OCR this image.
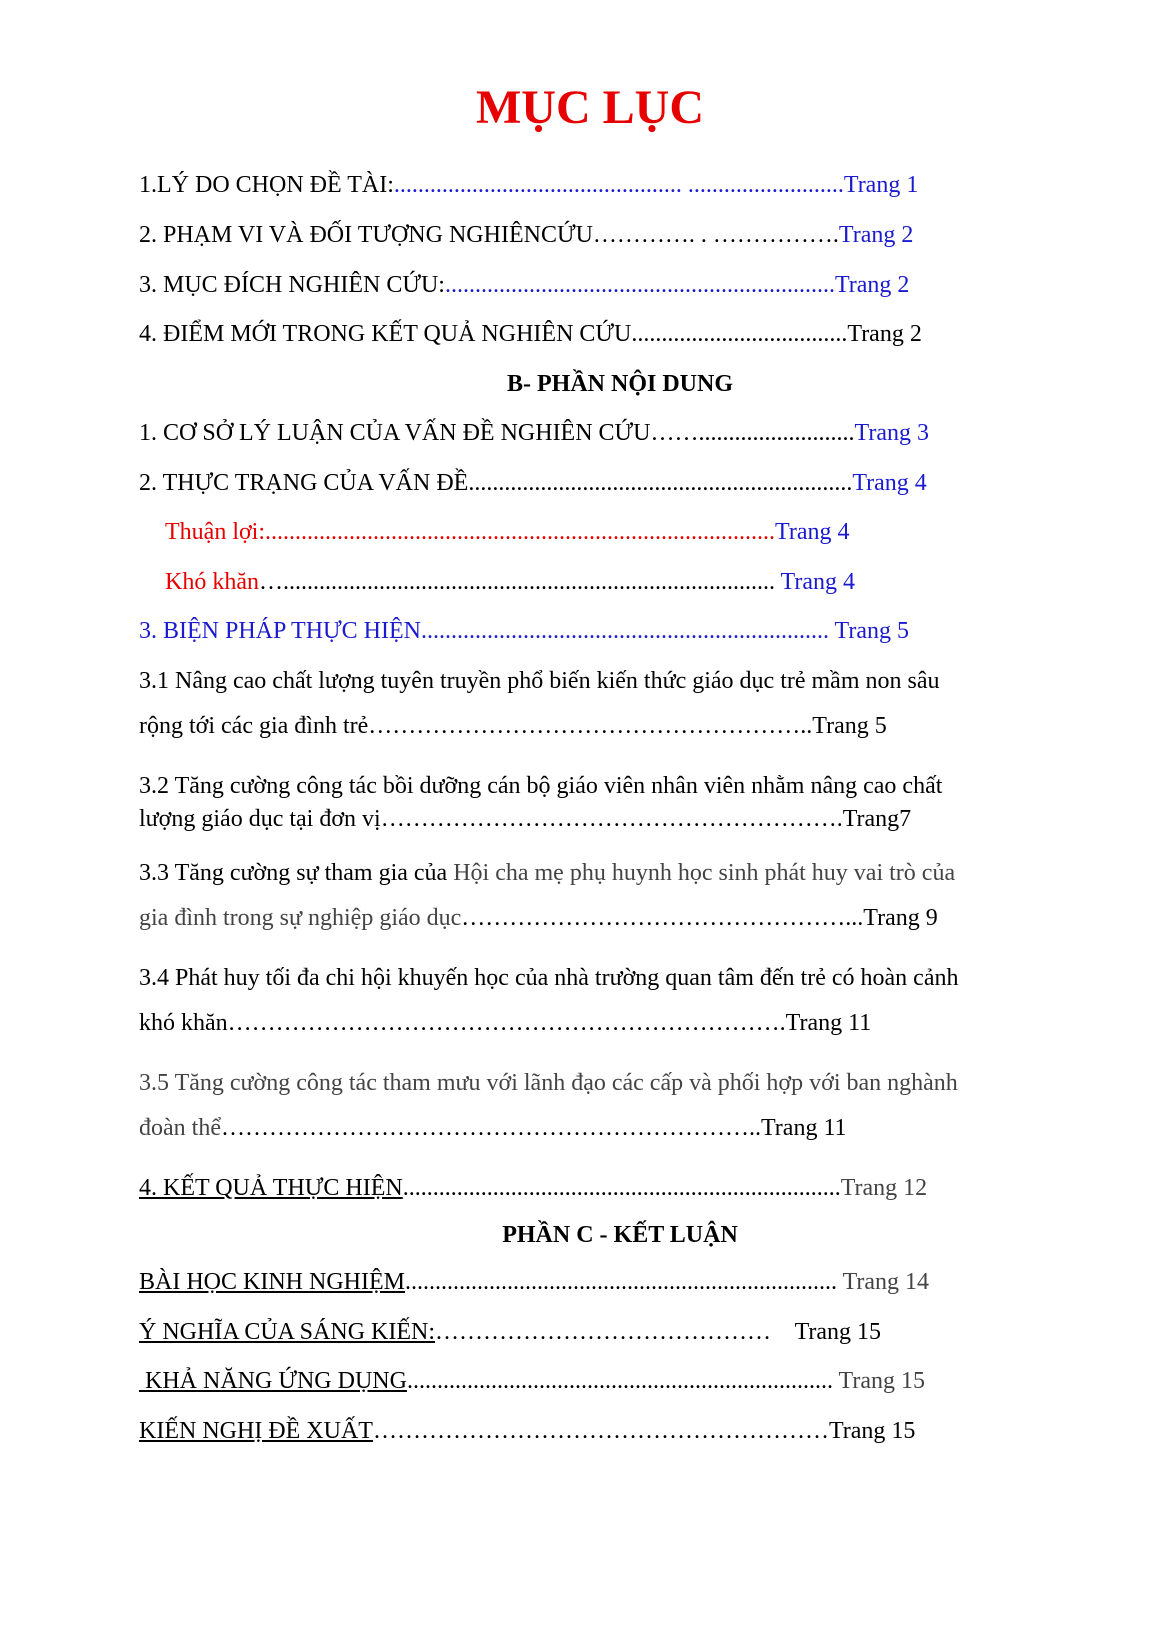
MỤC LỤC
1.LÝ DO CHỌN ĐỀ TÀI:................................................ ..........................Trang 1
2. PHẠM VI VÀ ĐỐI TƯỢNG NGHIÊNCỨU…………. . …………….Trang 2
3. MỤC ĐÍCH NGHIÊN CỨU:.................................................................Trang 2
4. ĐIỂM MỚI TRONG KẾT QUẢ NGHIÊN CỨU....................................Trang 2
B- PHẦN NỘI DUNG
1. CƠ SỞ LÝ LUẬN CỦA VẤN ĐỀ NGHIÊN CỨU……..........................Trang 3
2. THỰC TRẠNG CỦA VẤN ĐỀ................................................................Trang 4
Thuận lợi:.....................................................................................Trang 4
Khó khăn….................................................................................. Trang 4
3. BIỆN PHÁP THỰC HIỆN.................................................................... Trang 5
3.1 Nâng cao chất lượng tuyên truyền phổ biến kiến thức giáo dục trẻ mầm non sâu
rộng tới các gia đình trẻ………………………………………………..Trang 5
3.2 Tăng cường công tác bồi dưỡng cán bộ giáo viên nhân viên nhằm nâng cao chất
lượng giáo dục tại đơn vị………………………………………………….Trang7
3.3 Tăng cường sự tham gia của Hội cha mẹ phụ huynh học sinh phát huy vai trò của
gia đình trong sự nghiệp giáo dục…………………………………………...Trang 9
3.4 Phát huy tối đa chi hội khuyến học của nhà trường quan tâm đến trẻ có hoàn cảnh
khó khăn…………………………………………………………….Trang 11
3.5 Tăng cường công tác tham mưu với lãnh đạo các cấp và phối hợp với ban nghành
đoàn thể…………………………………………………………..Trang 11
4. KẾT QUẢ THỰC HIỆN.........................................................................Trang 12
PHẦN C - KẾT LUẬN
BÀI HỌC KINH NGHIỆM........................................................................ Trang 14
Ý NGHĨA CỦA SÁNG KIẾN:……………………………………    Trang 15
KHẢ NĂNG ỨNG DỤNG....................................................................... Trang 15
KIẾN NGHỊ ĐỀ XUẤT…………………………………………………Trang 15
